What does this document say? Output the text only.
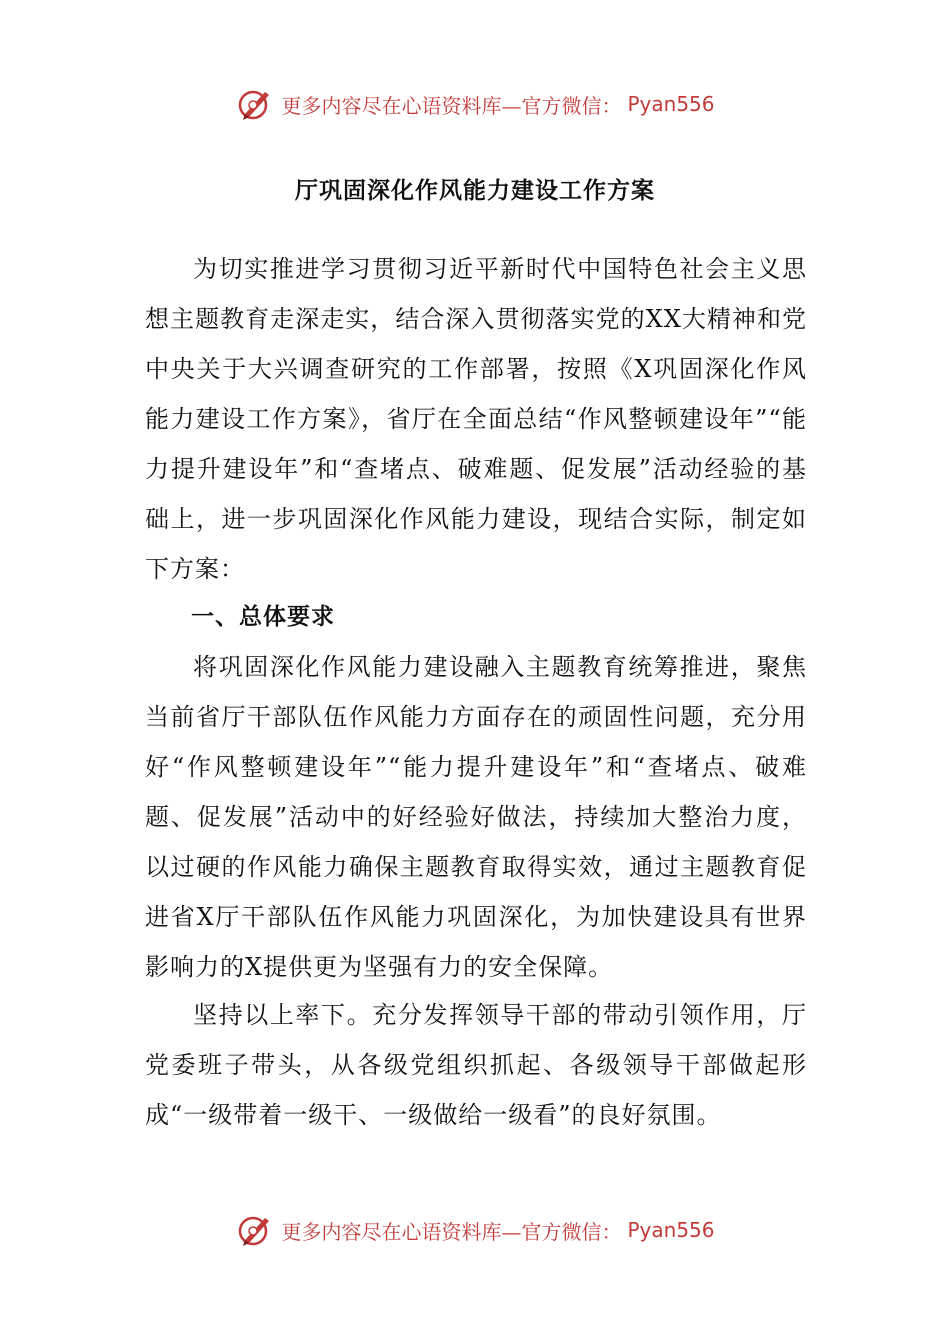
更多内容尽在心语资料库—官方微信： Pyan556
厅巩固深化作风能力建设工作方案

为切实推进学习贯彻习近平新时代中国特色社会主义思想主题教育走深走实，结合深入贯彻落实党的XX大精神和党中央关于大兴调查研究的工作部署，按照《X巩固深化作风能力建设工作方案》，省厅在全面总结“作风整顿建设年”“能力提升建设年”和“查堵点、破难题、促发展”活动经验的基础上，进一步巩固深化作风能力建设，现结合实际，制定如下方案：

一、总体要求

将巩固深化作风能力建设融入主题教育统筹推进，聚焦当前省厅干部队伍作风能力方面存在的顽固性问题，充分用好“作风整顿建设年”“能力提升建设年”和“查堵点、破难题、促发展”活动中的好经验好做法，持续加大整治力度，以过硬的作风能力确保主题教育取得实效，通过主题教育促进省X厅干部队伍作风能力巩固深化，为加快建设具有世界影响力的X提供更为坚强有力的安全保障。

坚持以上率下。充分发挥领导干部的带动引领作用，厅党委班子带头，从各级党组织抓起、各级领导干部做起形成“一级带着一级干、一级做给一级看”的良好氛围。

更多内容尽在心语资料库—官方微信： Pyan556
